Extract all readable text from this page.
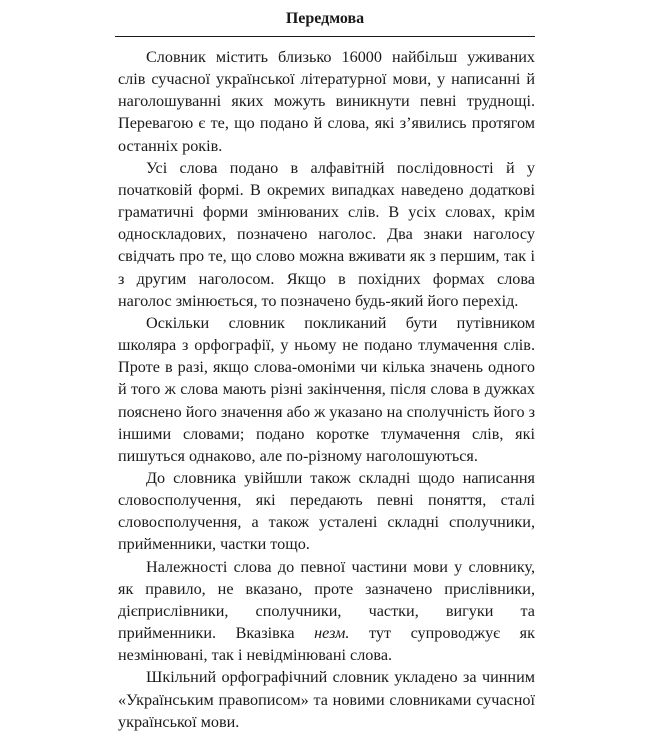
Передмова

Словник містить близько 16000 найбільш уживаних слів сучасної української літературної мови, у написанні й наголошуванні яких можуть виникнути певні труднощі. Перевагою є те, що подано й слова, які з’явились протягом останніх років.

Усі слова подано в алфавітній послідовності й у початковій формі. В окремих випадках наведено додаткові граматичні форми змінюваних слів. В усіх словах, крім односкладових, позначено наголос. Два знаки наголосу свідчать про те, що слово можна вживати як з першим, так і з другим наголосом. Якщо в похідних формах слова наголос змінюється, то позначено будь-який його перехід.

Оскільки словник покликаний бути путівником школяра з орфографії, у ньому не подано тлумачення слів. Проте в разі, якщо слова-омоніми чи кілька значень одного й того ж слова мають різні закінчення, після слова в дужках пояснено його значення або ж указано на сполучність його з іншими словами; подано коротке тлумачення слів, які пишуться однаково, але по-різному наголошуються.

До словника увійшли також складні щодо написання словосполучення, які передають певні поняття, сталі словосполучення, а також усталені складні сполучники, прийменники, частки тощо.

Належності слова до певної частини мови у словнику, як правило, не вказано, проте зазначено прислівники, дієприслівники, сполучники, частки, вигуки та прийменники. Вказівка незм. тут супроводжує як незмінювані, так і невідмінювані слова.

Шкільний орфографічний словник укладено за чинним «Українським правописом» та новими словниками сучасної української мови.
